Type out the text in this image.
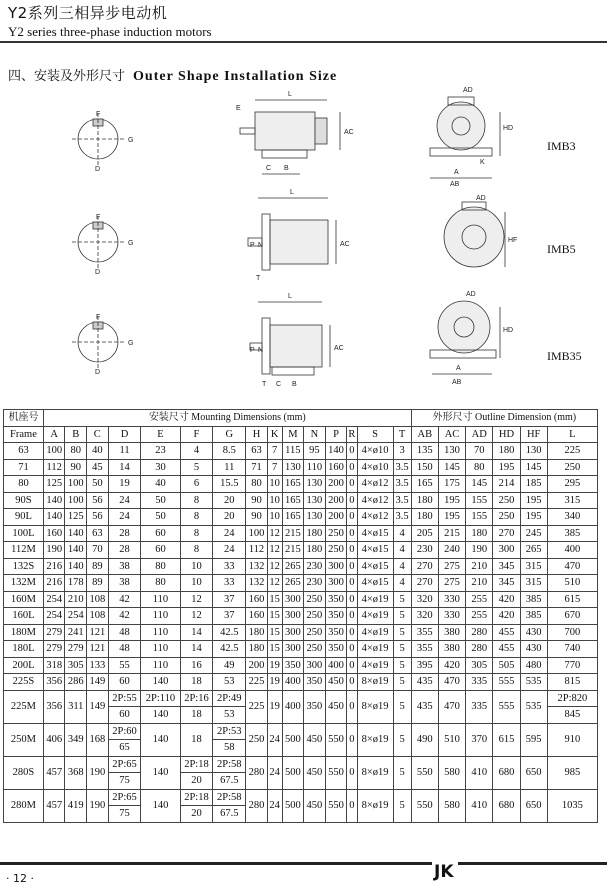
Y2系列三相异步电动机
Y2 series three-phase induction motors
四、安装及外形尺寸 Outer Shape Installation Size
F
G
D
L
E
AC
C B
AD
HD
K
A
AB
F
G
D
L
P N	AC
T
AD
HF
F
G
D
L
P N	AC
T C B
AD
HD
A
AB
IMB3
IMB5
IMB35
机座号	安装尺寸 Mounting Dimensions (mm)															外形尺寸 Outline Dimension (mm)					
Frame	A	B	C	D	E	F	G	H	K	M	N	P	R	S	T	AB	AC	AD	HD	HF	L
63	100	80	40	11	23	4	8.5	63	7	115	95	140	0	4×ø10	3	135	130	70	180	130	225
71	112	90	45	14	30	5	11	71	7	130	110	160	0	4×ø10	3.5	150	145	80	195	145	250
80	125	100	50	19	40	6	15.5	80	10	165	130	200	0	4×ø12	3.5	165	175	145	214	185	295
90S	140	100	56	24	50	8	20	90	10	165	130	200	0	4×ø12	3.5	180	195	155	250	195	315
90L	140	125	56	24	50	8	20	90	10	165	130	200	0	4×ø12	3.5	180	195	155	250	195	340
100L	160	140	63	28	60	8	24	100	12	215	180	250	0	4×ø15	4	205	215	180	270	245	385
112M	190	140	70	28	60	8	24	112	12	215	180	250	0	4×ø15	4	230	240	190	300	265	400
132S	216	140	89	38	80	10	33	132	12	265	230	300	0	4×ø15	4	270	275	210	345	315	470
132M	216	178	89	38	80	10	33	132	12	265	230	300	0	4×ø15	4	270	275	210	345	315	510
160M	254	210	108	42	110	12	37	160	15	300	250	350	0	4×ø19	5	320	330	255	420	385	615
160L	254	254	108	42	110	12	37	160	15	300	250	350	0	4×ø19	5	320	330	255	420	385	670
180M	279	241	121	48	110	14	42.5	180	15	300	250	350	0	4×ø19	5	355	380	280	455	430	700
180L	279	279	121	48	110	14	42.5	180	15	300	250	350	0	4×ø19	5	355	380	280	455	430	740
200L	318	305	133	55	110	16	49	200	19	350	300	400	0	4×ø19	5	395	420	305	505	480	770
225S	356	286	149	60	140	18	53	225	19	400	350	450	0	8×ø19	5	435	470	335	555	535	815
225M	356	311	149	2P:55	2P:110	2P:16	2P:49	225	19	400	350	450	0	8×ø19	5	435	470	335	555	535	2P:820
				60	140	18	53														845
250M	406	349	168	2P:60	140	18	2P:53	250	24	500	450	550	0	8×ø19	5	490	510	370	615	595	910
				65			58														
280S	457	368	190	2P:65	140	2P:18	2P:58	280	24	500	450	550	0	8×ø19	5	550	580	410	680	650	985
				75		20	67.5														
280M	457	419	190	2P:65	140	2P:18	2P:58	280	24	500	450	550	0	8×ø19	5	550	580	410	680	650	1035
				75		20	67.5														
· 12 ·	JK
